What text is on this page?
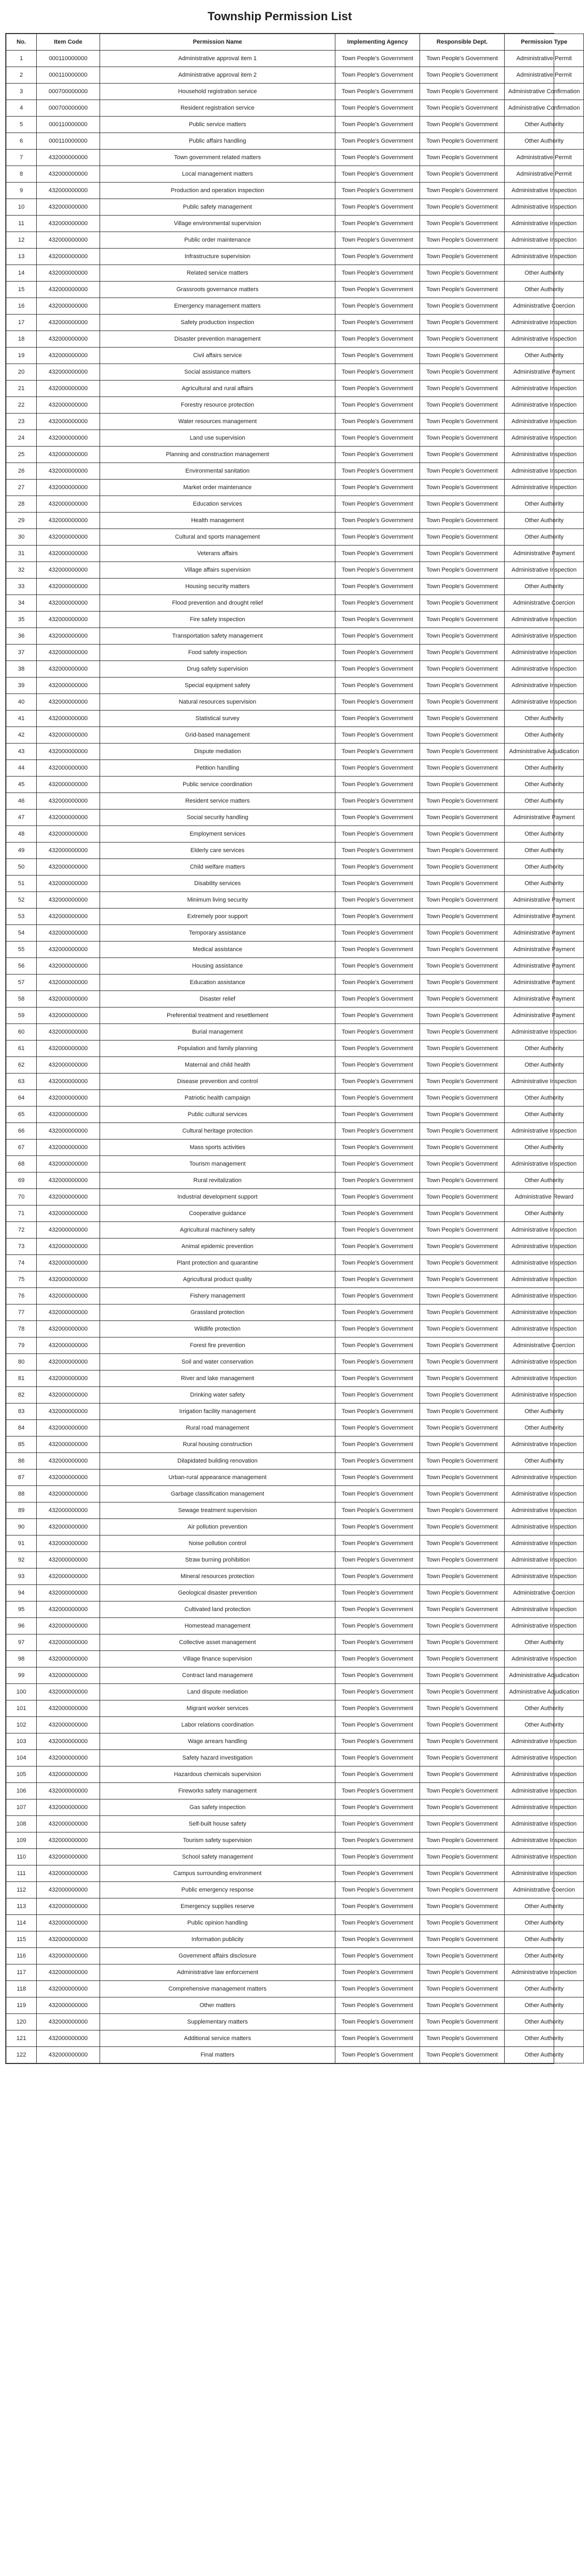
Township Permission List
No.	Item Code	Permission Name	Implementing Agency	Responsible Dept.	Permission Type
1	000110000000	Administrative approval item 1	Town People's Government	Town People's Government	Administrative Permit
2	000110000000	Administrative approval item 2	Town People's Government	Town People's Government	Administrative Permit
3	000700000000	Household registration service	Town People's Government	Town People's Government	Administrative Confirmation
4	000700000000	Resident registration service	Town People's Government	Town People's Government	Administrative Confirmation
5	000110000000	Public service matters	Town People's Government	Town People's Government	Other Authority
6	000110000000	Public affairs handling	Town People's Government	Town People's Government	Other Authority
7	432000000000	Town government related matters	Town People's Government	Town People's Government	Administrative Permit
8	432000000000	Local management matters	Town People's Government	Town People's Government	Administrative Permit
9	432000000000	Production and operation inspection	Town People's Government	Town People's Government	Administrative Inspection
10	432000000000	Public safety management	Town People's Government	Town People's Government	Administrative Inspection
11	432000000000	Village environmental supervision	Town People's Government	Town People's Government	Administrative Inspection
12	432000000000	Public order maintenance	Town People's Government	Town People's Government	Administrative Inspection
13	432000000000	Infrastructure supervision	Town People's Government	Town People's Government	Administrative Inspection
14	432000000000	Related service matters	Town People's Government	Town People's Government	Other Authority
15	432000000000	Grassroots governance matters	Town People's Government	Town People's Government	Other Authority
16	432000000000	Emergency management matters	Town People's Government	Town People's Government	Administrative Coercion
17	432000000000	Safety production inspection	Town People's Government	Town People's Government	Administrative Inspection
18	432000000000	Disaster prevention management	Town People's Government	Town People's Government	Administrative Inspection
19	432000000000	Civil affairs service	Town People's Government	Town People's Government	Other Authority
20	432000000000	Social assistance matters	Town People's Government	Town People's Government	Administrative Payment
21	432000000000	Agricultural and rural affairs	Town People's Government	Town People's Government	Administrative Inspection
22	432000000000	Forestry resource protection	Town People's Government	Town People's Government	Administrative Inspection
23	432000000000	Water resources management	Town People's Government	Town People's Government	Administrative Inspection
24	432000000000	Land use supervision	Town People's Government	Town People's Government	Administrative Inspection
25	432000000000	Planning and construction management	Town People's Government	Town People's Government	Administrative Inspection
26	432000000000	Environmental sanitation	Town People's Government	Town People's Government	Administrative Inspection
27	432000000000	Market order maintenance	Town People's Government	Town People's Government	Administrative Inspection
28	432000000000	Education services	Town People's Government	Town People's Government	Other Authority
29	432000000000	Health management	Town People's Government	Town People's Government	Other Authority
30	432000000000	Cultural and sports management	Town People's Government	Town People's Government	Other Authority
31	432000000000	Veterans affairs	Town People's Government	Town People's Government	Administrative Payment
32	432000000000	Village affairs supervision	Town People's Government	Town People's Government	Administrative Inspection
33	432000000000	Housing security matters	Town People's Government	Town People's Government	Other Authority
34	432000000000	Flood prevention and drought relief	Town People's Government	Town People's Government	Administrative Coercion
35	432000000000	Fire safety inspection	Town People's Government	Town People's Government	Administrative Inspection
36	432000000000	Transportation safety management	Town People's Government	Town People's Government	Administrative Inspection
37	432000000000	Food safety inspection	Town People's Government	Town People's Government	Administrative Inspection
38	432000000000	Drug safety supervision	Town People's Government	Town People's Government	Administrative Inspection
39	432000000000	Special equipment safety	Town People's Government	Town People's Government	Administrative Inspection
40	432000000000	Natural resources supervision	Town People's Government	Town People's Government	Administrative Inspection
41	432000000000	Statistical survey	Town People's Government	Town People's Government	Other Authority
42	432000000000	Grid-based management	Town People's Government	Town People's Government	Other Authority
43	432000000000	Dispute mediation	Town People's Government	Town People's Government	Administrative Adjudication
44	432000000000	Petition handling	Town People's Government	Town People's Government	Other Authority
45	432000000000	Public service coordination	Town People's Government	Town People's Government	Other Authority
46	432000000000	Resident service matters	Town People's Government	Town People's Government	Other Authority
47	432000000000	Social security handling	Town People's Government	Town People's Government	Administrative Payment
48	432000000000	Employment services	Town People's Government	Town People's Government	Other Authority
49	432000000000	Elderly care services	Town People's Government	Town People's Government	Other Authority
50	432000000000	Child welfare matters	Town People's Government	Town People's Government	Other Authority
51	432000000000	Disability services	Town People's Government	Town People's Government	Other Authority
52	432000000000	Minimum living security	Town People's Government	Town People's Government	Administrative Payment
53	432000000000	Extremely poor support	Town People's Government	Town People's Government	Administrative Payment
54	432000000000	Temporary assistance	Town People's Government	Town People's Government	Administrative Payment
55	432000000000	Medical assistance	Town People's Government	Town People's Government	Administrative Payment
56	432000000000	Housing assistance	Town People's Government	Town People's Government	Administrative Payment
57	432000000000	Education assistance	Town People's Government	Town People's Government	Administrative Payment
58	432000000000	Disaster relief	Town People's Government	Town People's Government	Administrative Payment
59	432000000000	Preferential treatment and resettlement	Town People's Government	Town People's Government	Administrative Payment
60	432000000000	Burial management	Town People's Government	Town People's Government	Administrative Inspection
61	432000000000	Population and family planning	Town People's Government	Town People's Government	Other Authority
62	432000000000	Maternal and child health	Town People's Government	Town People's Government	Other Authority
63	432000000000	Disease prevention and control	Town People's Government	Town People's Government	Administrative Inspection
64	432000000000	Patriotic health campaign	Town People's Government	Town People's Government	Other Authority
65	432000000000	Public cultural services	Town People's Government	Town People's Government	Other Authority
66	432000000000	Cultural heritage protection	Town People's Government	Town People's Government	Administrative Inspection
67	432000000000	Mass sports activities	Town People's Government	Town People's Government	Other Authority
68	432000000000	Tourism management	Town People's Government	Town People's Government	Administrative Inspection
69	432000000000	Rural revitalization	Town People's Government	Town People's Government	Other Authority
70	432000000000	Industrial development support	Town People's Government	Town People's Government	Administrative Reward
71	432000000000	Cooperative guidance	Town People's Government	Town People's Government	Other Authority
72	432000000000	Agricultural machinery safety	Town People's Government	Town People's Government	Administrative Inspection
73	432000000000	Animal epidemic prevention	Town People's Government	Town People's Government	Administrative Inspection
74	432000000000	Plant protection and quarantine	Town People's Government	Town People's Government	Administrative Inspection
75	432000000000	Agricultural product quality	Town People's Government	Town People's Government	Administrative Inspection
76	432000000000	Fishery management	Town People's Government	Town People's Government	Administrative Inspection
77	432000000000	Grassland protection	Town People's Government	Town People's Government	Administrative Inspection
78	432000000000	Wildlife protection	Town People's Government	Town People's Government	Administrative Inspection
79	432000000000	Forest fire prevention	Town People's Government	Town People's Government	Administrative Coercion
80	432000000000	Soil and water conservation	Town People's Government	Town People's Government	Administrative Inspection
81	432000000000	River and lake management	Town People's Government	Town People's Government	Administrative Inspection
82	432000000000	Drinking water safety	Town People's Government	Town People's Government	Administrative Inspection
83	432000000000	Irrigation facility management	Town People's Government	Town People's Government	Other Authority
84	432000000000	Rural road management	Town People's Government	Town People's Government	Other Authority
85	432000000000	Rural housing construction	Town People's Government	Town People's Government	Administrative Inspection
86	432000000000	Dilapidated building renovation	Town People's Government	Town People's Government	Other Authority
87	432000000000	Urban-rural appearance management	Town People's Government	Town People's Government	Administrative Inspection
88	432000000000	Garbage classification management	Town People's Government	Town People's Government	Administrative Inspection
89	432000000000	Sewage treatment supervision	Town People's Government	Town People's Government	Administrative Inspection
90	432000000000	Air pollution prevention	Town People's Government	Town People's Government	Administrative Inspection
91	432000000000	Noise pollution control	Town People's Government	Town People's Government	Administrative Inspection
92	432000000000	Straw burning prohibition	Town People's Government	Town People's Government	Administrative Inspection
93	432000000000	Mineral resources protection	Town People's Government	Town People's Government	Administrative Inspection
94	432000000000	Geological disaster prevention	Town People's Government	Town People's Government	Administrative Coercion
95	432000000000	Cultivated land protection	Town People's Government	Town People's Government	Administrative Inspection
96	432000000000	Homestead management	Town People's Government	Town People's Government	Administrative Inspection
97	432000000000	Collective asset management	Town People's Government	Town People's Government	Other Authority
98	432000000000	Village finance supervision	Town People's Government	Town People's Government	Administrative Inspection
99	432000000000	Contract land management	Town People's Government	Town People's Government	Administrative Adjudication
100	432000000000	Land dispute mediation	Town People's Government	Town People's Government	Administrative Adjudication
101	432000000000	Migrant worker services	Town People's Government	Town People's Government	Other Authority
102	432000000000	Labor relations coordination	Town People's Government	Town People's Government	Other Authority
103	432000000000	Wage arrears handling	Town People's Government	Town People's Government	Administrative Inspection
104	432000000000	Safety hazard investigation	Town People's Government	Town People's Government	Administrative Inspection
105	432000000000	Hazardous chemicals supervision	Town People's Government	Town People's Government	Administrative Inspection
106	432000000000	Fireworks safety management	Town People's Government	Town People's Government	Administrative Inspection
107	432000000000	Gas safety inspection	Town People's Government	Town People's Government	Administrative Inspection
108	432000000000	Self-built house safety	Town People's Government	Town People's Government	Administrative Inspection
109	432000000000	Tourism safety supervision	Town People's Government	Town People's Government	Administrative Inspection
110	432000000000	School safety management	Town People's Government	Town People's Government	Administrative Inspection
111	432000000000	Campus surrounding environment	Town People's Government	Town People's Government	Administrative Inspection
112	432000000000	Public emergency response	Town People's Government	Town People's Government	Administrative Coercion
113	432000000000	Emergency supplies reserve	Town People's Government	Town People's Government	Other Authority
114	432000000000	Public opinion handling	Town People's Government	Town People's Government	Other Authority
115	432000000000	Information publicity	Town People's Government	Town People's Government	Other Authority
116	432000000000	Government affairs disclosure	Town People's Government	Town People's Government	Other Authority
117	432000000000	Administrative law enforcement	Town People's Government	Town People's Government	Administrative Inspection
118	432000000000	Comprehensive management matters	Town People's Government	Town People's Government	Other Authority
119	432000000000	Other matters	Town People's Government	Town People's Government	Other Authority
120	432000000000	Supplementary matters	Town People's Government	Town People's Government	Other Authority
121	432000000000	Additional service matters	Town People's Government	Town People's Government	Other Authority
122	432000000000	Final matters	Town People's Government	Town People's Government	Other Authority
